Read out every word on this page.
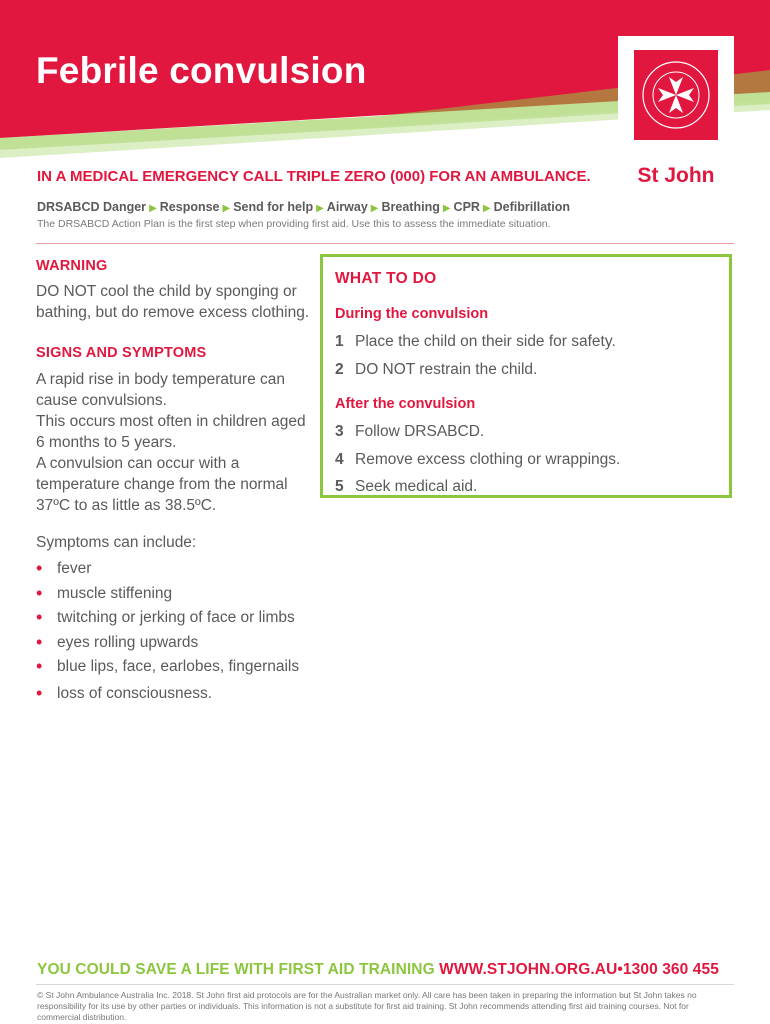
Febrile convulsion
St John
IN A MEDICAL EMERGENCY CALL TRIPLE ZERO (000) FOR AN AMBULANCE.
DRSABCD Danger ▶ Response ▶ Send for help ▶ Airway ▶ Breathing ▶ CPR ▶ Defibrillation
The DRSABCD Action Plan is the first step when providing first aid. Use this to assess the immediate situation.
WARNING

DO NOT cool the child by sponging or bathing, but do remove excess clothing.

SIGNS AND SYMPTOMS

A rapid rise in body temperature can cause convulsions.

This occurs most often in children aged 6 months to 5 years.

A convulsion can occur with a temperature change from the normal 37ºC to as little as 38.5ºC.

Symptoms can include:

• fever
• muscle stiffening
• twitching or jerking of face or limbs
• eyes rolling upwards
• blue lips, face, earlobes, fingernails
• loss of consciousness.
WHAT TO DO
During the convulsion
1 Place the child on their side for safety.
2 DO NOT restrain the child.
After the convulsion
3 Follow DRSABCD.
4 Remove excess clothing or wrappings.
5 Seek medical aid.
YOU COULD SAVE A LIFE WITH FIRST AID TRAINING WWW.STJOHN.ORG.AU•1300 360 455
© St John Ambulance Australia Inc. 2018. St John first aid protocols are for the Australian market only. All care has been taken in preparing the information but St John takes no responsibility for its use by other parties or individuals. This information is not a substitute for first aid training. St John recommends attending first aid training courses. Not for commercial distribution.
